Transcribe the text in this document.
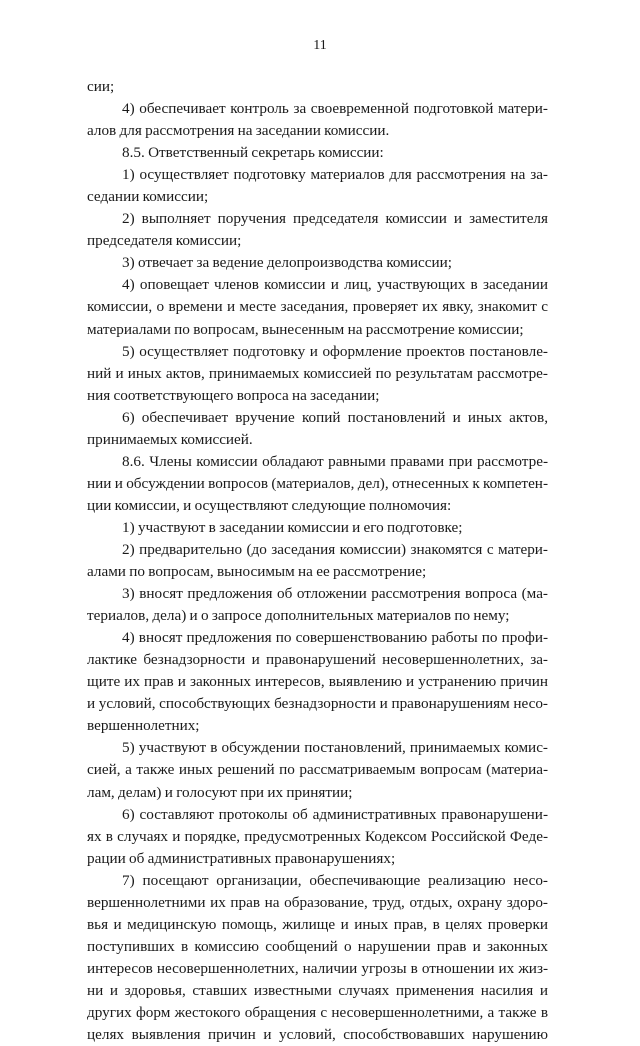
11
сии;
4) обеспечивает контроль за своевременной подготовкой матери-
алов для рассмотрения на заседании комиссии.
8.5. Ответственный секретарь комиссии:
1) осуществляет подготовку материалов для рассмотрения на за-
седании комиссии;
2) выполняет поручения председателя комиссии и заместителя
председателя комиссии;
3) отвечает за ведение делопроизводства комиссии;
4) оповещает членов комиссии и лиц, участвующих в заседании
комиссии, о времени и месте заседания, проверяет их явку, знакомит с
материалами по вопросам, вынесенным на рассмотрение комиссии;
5) осуществляет подготовку и оформление проектов постановле-
ний и иных актов, принимаемых комиссией по результатам рассмотре-
ния соответствующего вопроса на заседании;
6) обеспечивает вручение копий постановлений и иных актов,
принимаемых комиссией.
8.6. Члены комиссии обладают равными правами при рассмотре-
нии и обсуждении вопросов (материалов, дел), отнесенных к компетен-
ции комиссии, и осуществляют следующие полномочия:
1) участвуют в заседании комиссии и его подготовке;
2) предварительно (до заседания комиссии) знакомятся с матери-
алами по вопросам, выносимым на ее рассмотрение;
3) вносят предложения об отложении рассмотрения вопроса (ма-
териалов, дела) и о запросе дополнительных материалов по нему;
4) вносят предложения по совершенствованию работы по профи-
лактике безнадзорности и правонарушений несовершеннолетних, за-
щите их прав и законных интересов, выявлению и устранению причин
и условий, способствующих безнадзорности и правонарушениям несо-
вершеннолетних;
5) участвуют в обсуждении постановлений, принимаемых комис-
сией, а также иных решений по рассматриваемым вопросам (материа-
лам, делам) и голосуют при их принятии;
6) составляют протоколы об административных правонарушени-
ях в случаях и порядке, предусмотренных Кодексом Российской Феде-
рации об административных правонарушениях;
7) посещают организации, обеспечивающие реализацию несо-
вершеннолетними их прав на образование, труд, отдых, охрану здоро-
вья и медицинскую помощь, жилище и иных прав, в целях проверки
поступивших в комиссию сообщений о нарушении прав и законных
интересов несовершеннолетних, наличии угрозы в отношении их жиз-
ни и здоровья, ставших известными случаях применения насилия и
других форм жестокого обращения с несовершеннолетними, а также в
целях выявления причин и условий, способствовавших нарушению
